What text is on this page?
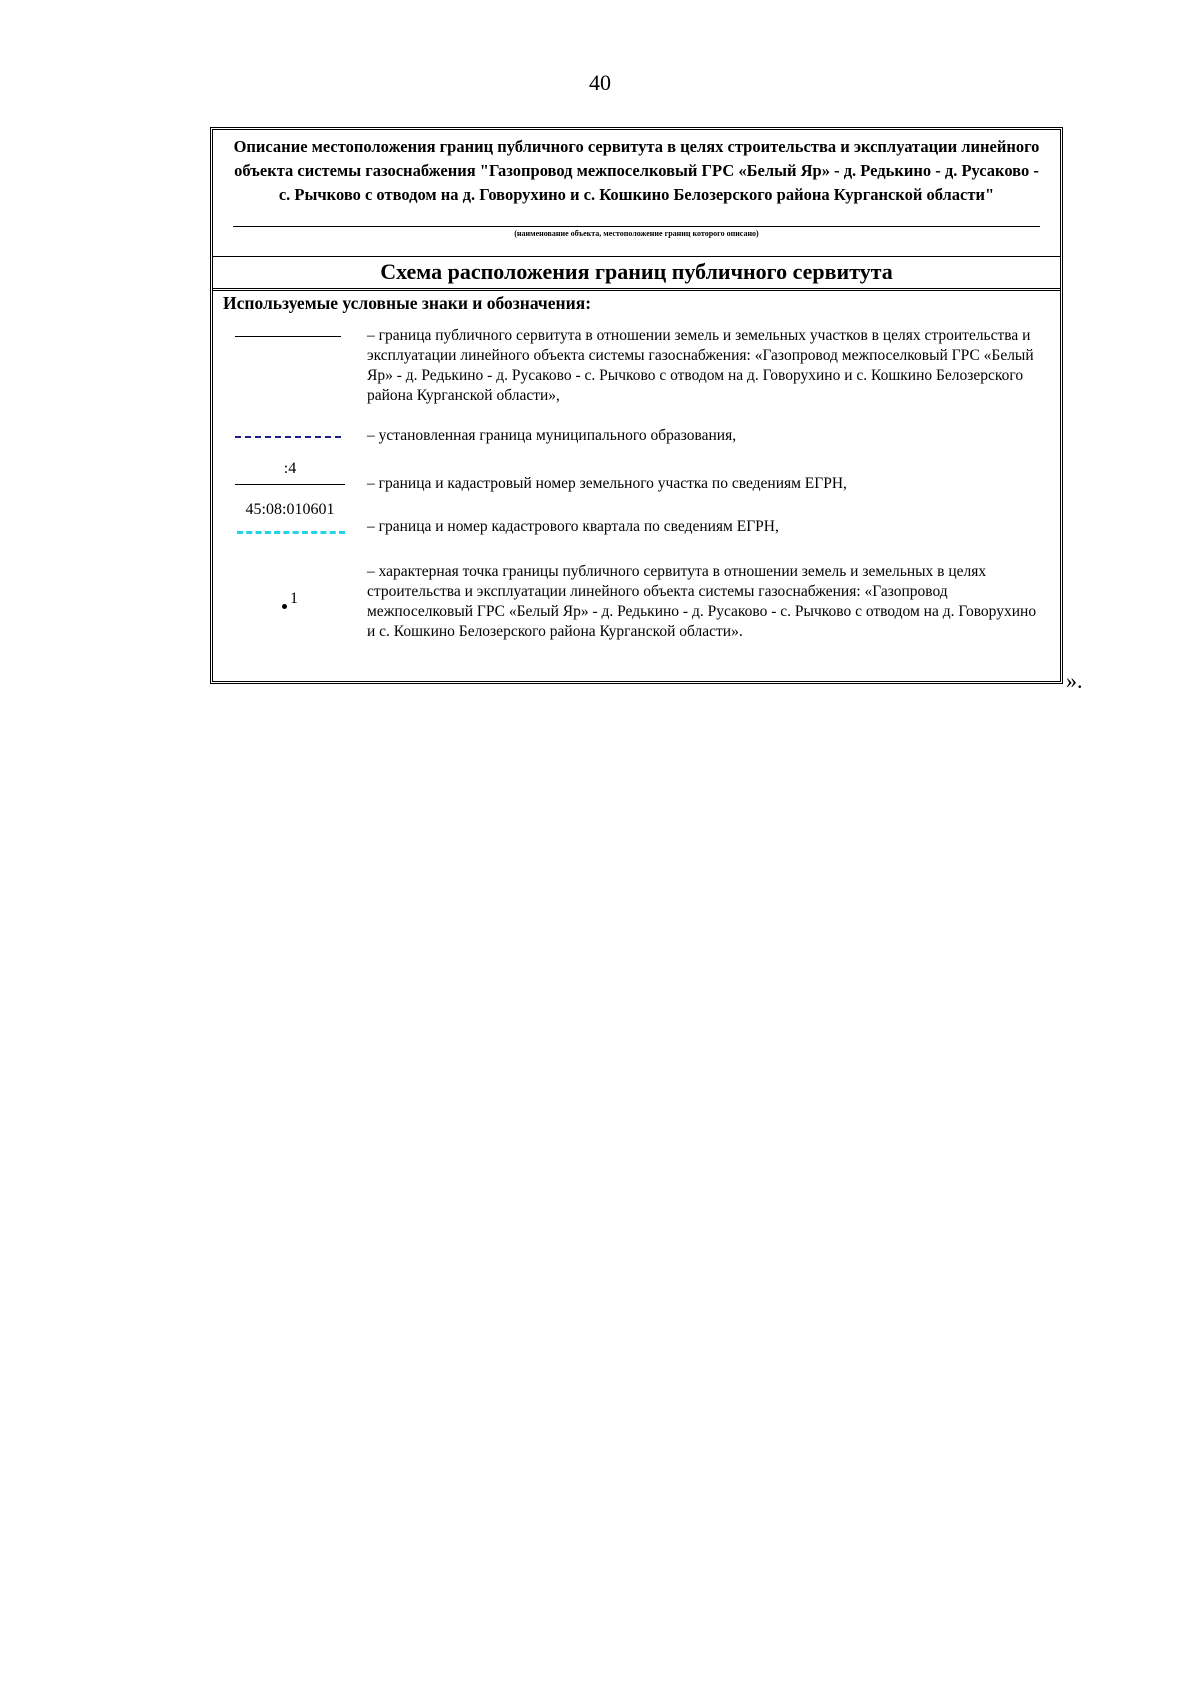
40
Описание местоположения границ публичного сервитута в целях строительства и эксплуатации линейного объекта системы газоснабжения "Газопровод межпоселковый ГРС «Белый Яр» - д. Редькино - д. Русаково - с. Рычково с отводом на д. Говорухино и с. Кошкино Белозерского района Курганской области"
(наименование объекта, местоположение границ которого описано)
Схема расположения границ публичного сервитута
Используемые условные знаки и обозначения:
– граница публичного сервитута в отношении земель и земельных участков в целях строительства и эксплуатации линейного объекта системы газоснабжения: «Газопровод межпоселковый ГРС «Белый Яр» - д. Редькино - д. Русаково - с. Рычково с отводом на д. Говорухино и с. Кошкино Белозерского района Курганской области»,
– установленная граница муниципального образования,
:4
– граница и кадастровый номер земельного участка по сведениям ЕГРН,
45:08:010601
– граница и номер кадастрового квартала по сведениям ЕГРН,
1
– характерная точка границы публичного сервитута в отношении земель и земельных в целях строительства и эксплуатации линейного объекта системы газоснабжения: «Газопровод межпоселковый ГРС «Белый Яр» - д. Редькино - д. Русаково - с. Рычково с отводом на д. Говорухино и с. Кошкино Белозерского района Курганской области».
».
